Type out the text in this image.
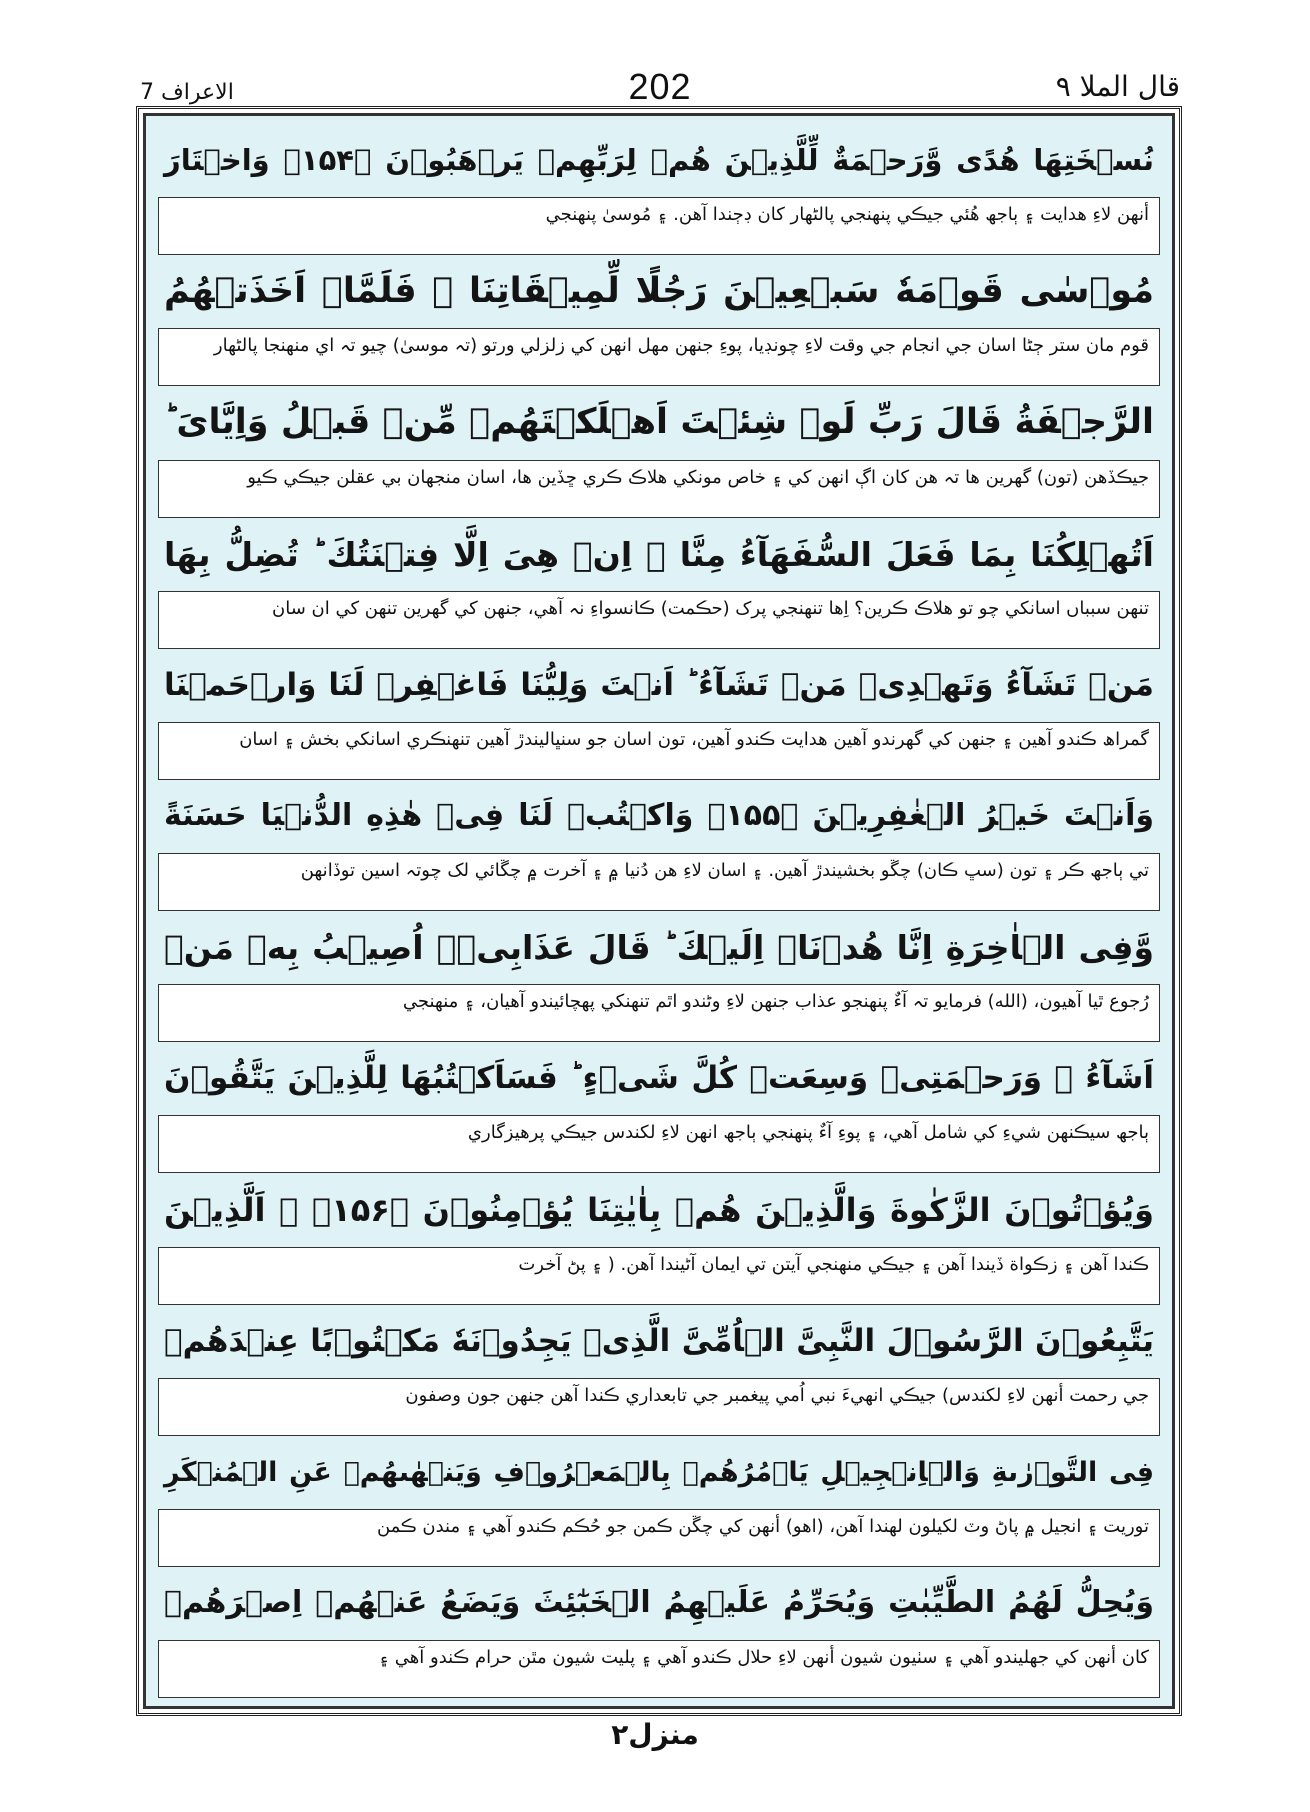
الاعراف 7	202	قال الملا ٩
نُسۡخَتِهَا هُدًى وَّرَحۡمَةٌ لِّلَّذِيۡنَ هُمۡ لِرَبِّهِمۡ يَرۡهَبُوۡنَ ﴿۱۵۴﴾ وَاخۡتَارَ
أنهن لاءِ هدايت ۽ ٻاجھ ھُئي جيڪي پنھنجي پالڻھار کان ڊڄندا آھن. ۽ مُوسىٰ پنھنجي
مُوۡسٰى قَوۡمَهٗ سَبۡعِيۡنَ رَجُلًا لِّمِيۡقَاتِنَا ۚ فَلَمَّاۤ اَخَذَتۡهُمُ
قوم مان ستر ڄڻا اسان جي انجام جي وقت لاءِ چونڊيا، پوءِ جنھن مھل انھن کي زلزلي ورتو (تہ موسىٰ) چيو تہ اي منھنجا پالڻھار
الرَّجۡفَةُ قَالَ رَبِّ لَوۡ شِئۡتَ اَهۡلَكۡتَهُمۡ مِّنۡ قَبۡلُ وَاِيَّاىَ ؕ
جيڪڏھن (تون) گھرين ھا تہ ھن کان اڳ انھن کي ۽ خاص مونکي ھلاڪ ڪري ڇڏين ھا، اسان منجھان بي عقلن جيڪي ڪيو
اَتُهۡلِكُنَا بِمَا فَعَلَ السُّفَهَآءُ مِنَّا ۚ اِنۡ هِىَ اِلَّا فِتۡنَتُكَ ؕ تُضِلُّ بِهَا
تنھن سبباں اسانکي چو تو ھلاڪ ڪرين؟ اِھا تنھنجي پرک (حڪمت) ڪانسواءِ نہ آھي، جنھن کي گھرين تنھن کي ان سان
مَنۡ تَشَآءُ وَتَهۡدِىۡ مَنۡ تَشَآءُ ؕ اَنۡتَ وَلِيُّنَا فَاغۡفِرۡ لَنَا وَارۡحَمۡنَا
گمراھ ڪندو آھين ۽ جنھن کي گھرندو آھين ھدايت ڪندو آھين، تون اسان جو سنڀاليندڙ آھين تنھنڪري اسانکي بخش ۽ اسان
وَاَنۡتَ خَيۡرُ الۡغٰفِرِيۡنَ ﴿۱۵۵﴾ وَاكۡتُبۡ لَنَا فِىۡ هٰذِهِ الدُّنۡيَا حَسَنَةً
تي ٻاجھ ڪر ۽ تون (سڀ ڪان) چڱو بخشيندڙ آھين. ۽ اسان لاءِ ھن دُنيا ۾ ۽ آخرت ۾ چڱائي لک چوتہ اسين توڏانھن
وَّفِى الۡاٰخِرَةِ اِنَّا هُدۡنَاۤ اِلَيۡكَ ؕ قَالَ عَذَابِىۡۤ اُصِيۡبُ بِهٖ مَنۡ
رُجوع ٿيا آھيون، (الله) فرمايو تہ آءٌ پنھنجو عذاب جنھن لاءِ وڻندو اٿم تنھنکي پھچائيندو آھيان، ۽ منھنجي
اَشَآءُ ۚ وَرَحۡمَتِىۡ وَسِعَتۡ كُلَّ شَىۡءٍ ؕ فَسَاَكۡتُبُهَا لِلَّذِيۡنَ يَتَّقُوۡنَ
ٻاجھ سيڪنھن شيءِ کي شامل آھي، ۽ پوءِ آءٌ پنھنجي ٻاجھ انھن لاءِ لکندس جيڪي پرھيزگاري
وَيُؤۡتُوۡنَ الزَّكٰوةَ وَالَّذِيۡنَ هُمۡ بِاٰيٰتِنَا يُؤۡمِنُوۡنَ ﴿۱۵۶﴾ ۚ اَلَّذِيۡنَ
ڪندا آھن ۽ زڪواة ڏيندا آھن ۽ جيڪي منھنجي آيتن تي ايمان آڻيندا آھن. ( ۽ پڻ آخرت
يَتَّبِعُوۡنَ الرَّسُوۡلَ النَّبِىَّ الۡاُمِّىَّ الَّذِىۡ يَجِدُوۡنَهٗ مَكۡتُوۡبًا عِنۡدَهُمۡ
جي رحمت أنھن لاءِ لکندس) جيڪي انھيءَ نبي اُمي پيغمبر جي تابعداري ڪندا آھن جنھن جون وصفون
فِى التَّوۡرٰٮةِ وَالۡاِنۡجِيۡلِ يَاۡمُرُهُمۡ بِالۡمَعۡرُوۡفِ وَيَنۡهٰٮهُمۡ عَنِ الۡمُنۡكَرِ
توريت ۽ انجيل ۾ پاڻ وٽ لکيلون لھندا آھن، (اھو) أنھن کي چڱن ڪمن جو حُڪم ڪندو آھي ۽ مندن ڪمن
وَيُحِلُّ لَهُمُ الطَّيِّبٰتِ وَيُحَرِّمُ عَلَيۡهِمُ الۡخَبٰٓئِثَ وَيَضَعُ عَنۡهُمۡ اِصۡرَهُمۡ
کان أنھن کي جھليندو آھي ۽ سٺيون شيون أنھن لاءِ حلال ڪندو آھي ۽ پليت شيون مٿن حرام ڪندو آھي ۽
منزل٢
